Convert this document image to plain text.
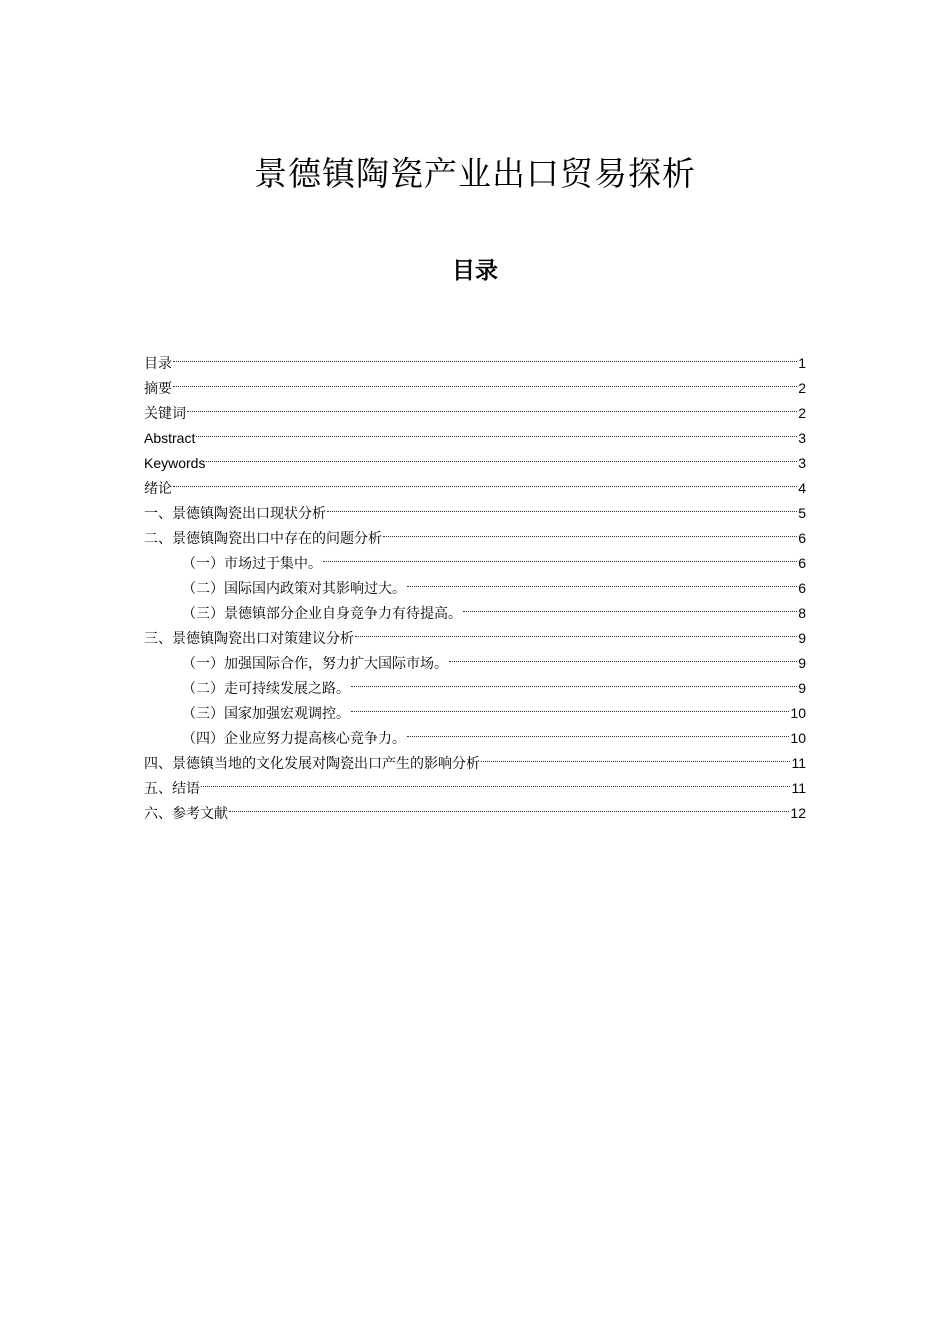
景德镇陶瓷产业出口贸易探析
目录
目录	1
摘要	2
关键词	2
Abstract	3
Keywords	3
绪论	4
一、景德镇陶瓷出口现状分析	5
二、景德镇陶瓷出口中存在的问题分析	6
（一）市场过于集中。	6
（二）国际国内政策对其影响过大。	6
（三）景德镇部分企业自身竞争力有待提高。	8
三、景德镇陶瓷出口对策建议分析	9
（一）加强国际合作，努力扩大国际市场。	9
（二）走可持续发展之路。	9
（三）国家加强宏观调控。	10
（四）企业应努力提高核心竞争力。	10
四、景德镇当地的文化发展对陶瓷出口产生的影响分析	11
五、结语	11
六、参考文献	12
